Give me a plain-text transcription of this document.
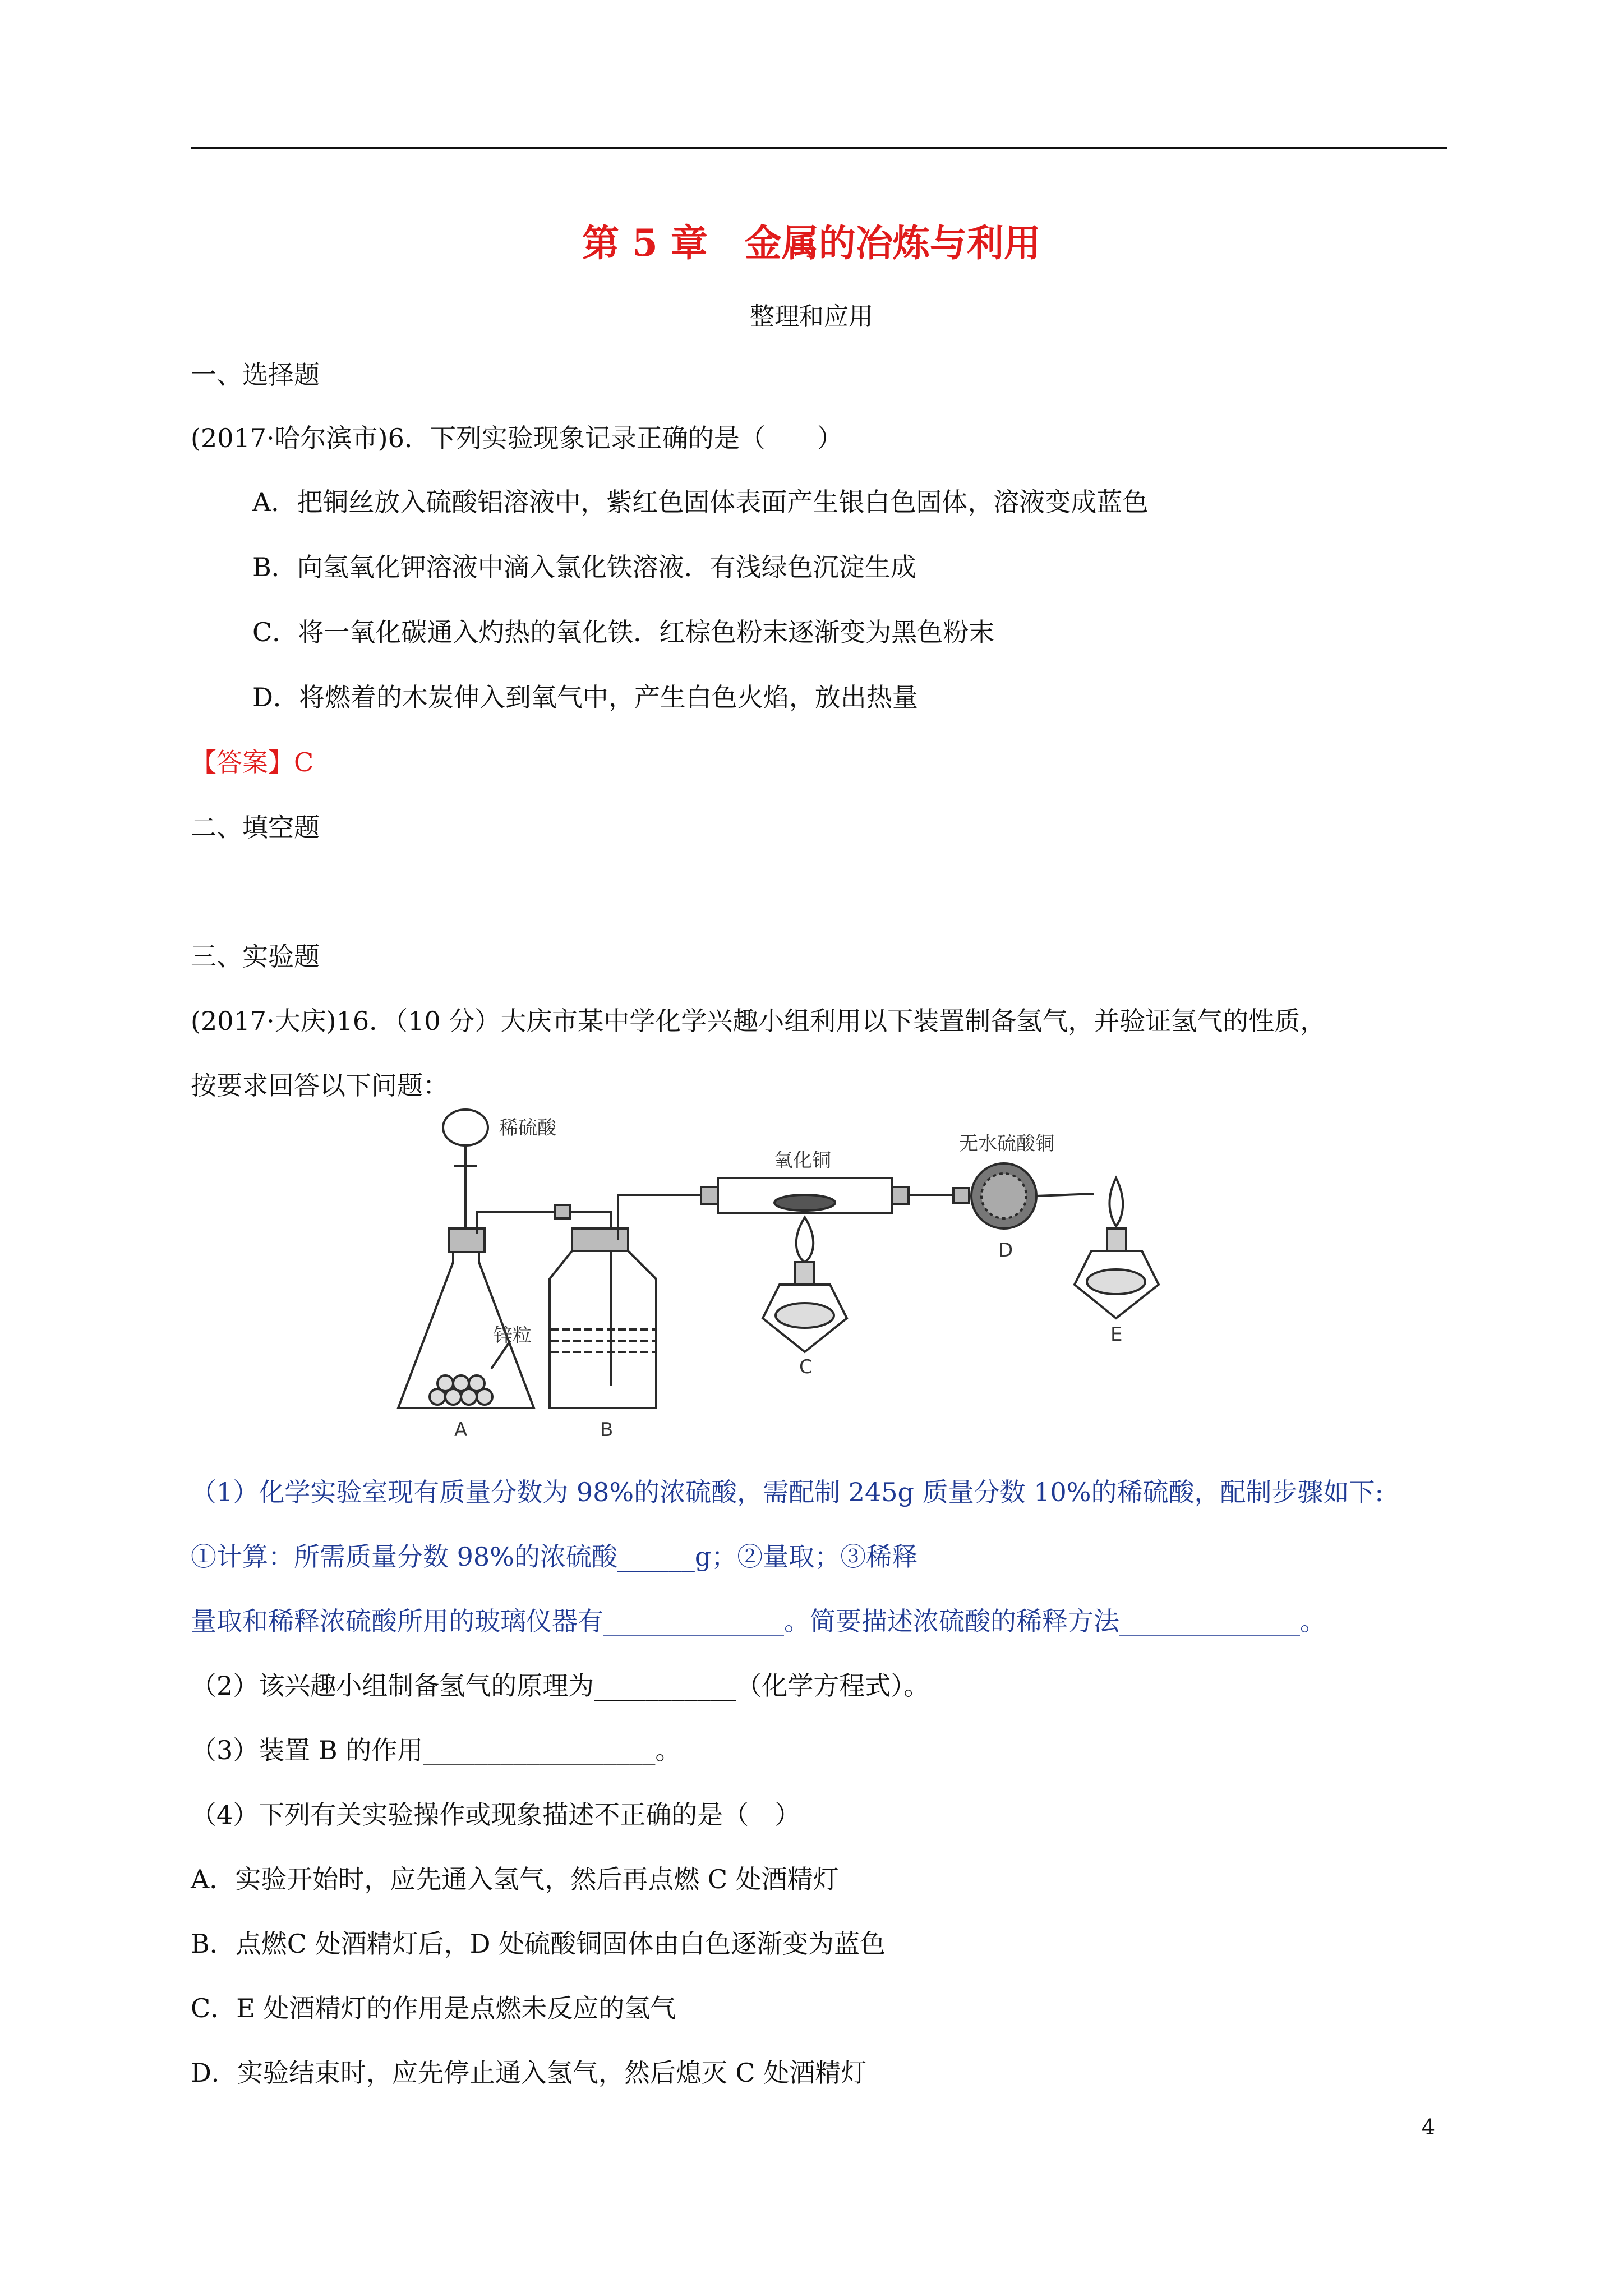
第 5 章　金属的冶炼与利用
整理和应用
一、选择题
(2017·哈尔滨市)6．下列实验现象记录正确的是（　　）
A．把铜丝放入硫酸铝溶液中，紫红色固体表面产生银白色固体，溶液变成蓝色
B．向氢氧化钾溶液中滴入氯化铁溶液．有浅绿色沉淀生成
C．将一氧化碳通入灼热的氧化铁．红棕色粉末逐渐变为黑色粉末
D．将燃着的木炭伸入到氧气中，产生白色火焰，放出热量
【答案】C
二、填空题
三、实验题
(2017·大庆)16．（10 分）大庆市某中学化学兴趣小组利用以下装置制备氢气，并验证氢气的性质，
按要求回答以下问题：
稀硫酸
锌粒
氧化铜
无水硫酸铜
A	B
C
D
E
（1）化学实验室现有质量分数为 98%的浓硫酸，需配制 245g 质量分数 10%的稀硫酸，配制步骤如下:
①计算：所需质量分数 98%的浓硫酸______g；②量取；③稀释
量取和稀释浓硫酸所用的玻璃仪器有______________。简要描述浓硫酸的稀释方法______________。
（2）该兴趣小组制备氢气的原理为___________（化学方程式）。
（3）装置 B 的作用__________________。
（4）下列有关实验操作或现象描述不正确的是（　）
A．实验开始时，应先通入氢气，然后再点燃 C 处酒精灯
B．点燃C 处酒精灯后，D 处硫酸铜固体由白色逐渐变为蓝色
C．E 处酒精灯的作用是点燃未反应的氢气
D．实验结束时，应先停止通入氢气，然后熄灭 C 处酒精灯
4
